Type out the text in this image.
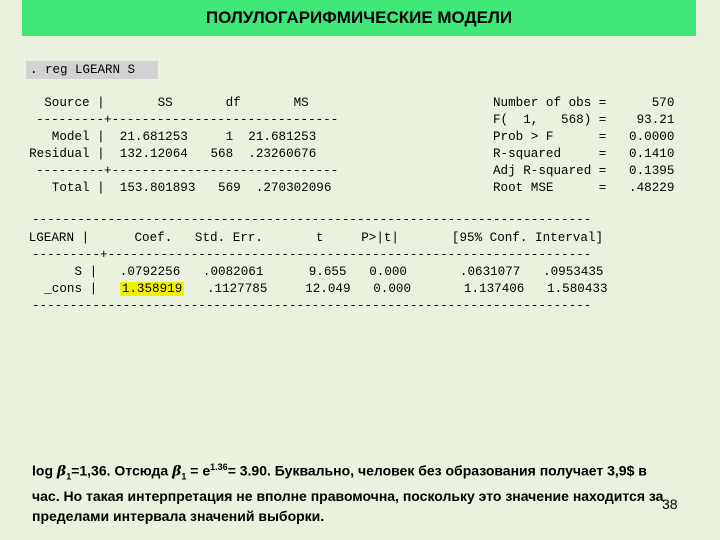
ПОЛУЛОГАРИФМИЧЕСКИЕ МОДЕЛИ
. reg LGEARN S
Source |       SS       df       MS
---------+------------------------------
Model |  21.681253     1  21.681253
Residual |  132.12064   568  .23260676
---------+------------------------------
Total |  153.801893   569  .270302096
Number of obs =      570
F(  1,   568) =    93.21
Prob > F      =   0.0000
R-squared     =   0.1410
Adj R-squared =   0.1395
Root MSE      =   .48229
--------------------------------------------------------------------------
LGEARN |      Coef.   Std. Err.       t     P>|t|       [95% Conf. Interval]
---------+----------------------------------------------------------------
S |   .0792256   .0082061      9.655   0.000       .0631077   .0953435
_cons |   1.358919   .1127785     12.049   0.000       1.137406   1.580433
--------------------------------------------------------------------------
$\log \beta_1=1,36$. Отсюда $\beta_1 = e^{1.36}= 3.90$. Буквально, человек без образования получает 3,9$ в час. Но такая интерпретация не вполне правомочна, поскольку это значение находится за пределами интервала значений выборки.
38
